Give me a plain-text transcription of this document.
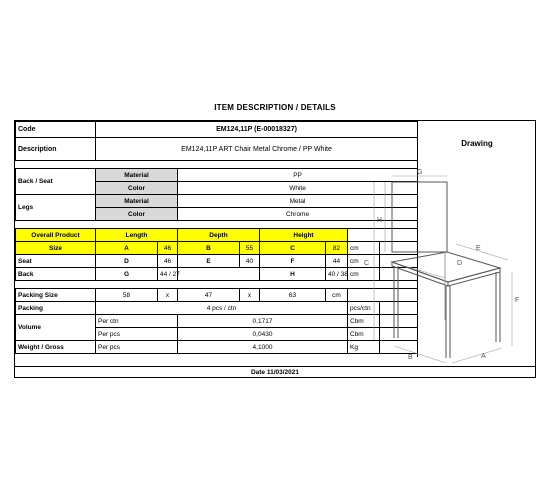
ITEM DESCRIPTION / DETAILS
Code	EM124,11P (E-00018327)							
Description	EM124,11P ART Chair Metal Chrome / PP White							

Back / Seat	Material		PP					
	Color		White					
Legs	Material		Metal					
	Color		Chrome					

Overall Product	Length		Depth		Height			
Size	A	46	B	55	C	82	cm	
Seat	D	46	E	40	F	44	cm	
Back	G	44 / 27			H	40 / 38	cm	

Packing Size	58	x	47	x	63	cm		
Packing	4 pcs / ctn						pcs/ctn	
Volume	Per ctn		0,1717				Cbm	
	Per pcs		0,0430				Cbm	
Weight / Gross	Per pcs		4,1000				Kg	
Drawing
G
H
C
E
D
F
B	A
Date 11/03/2021
